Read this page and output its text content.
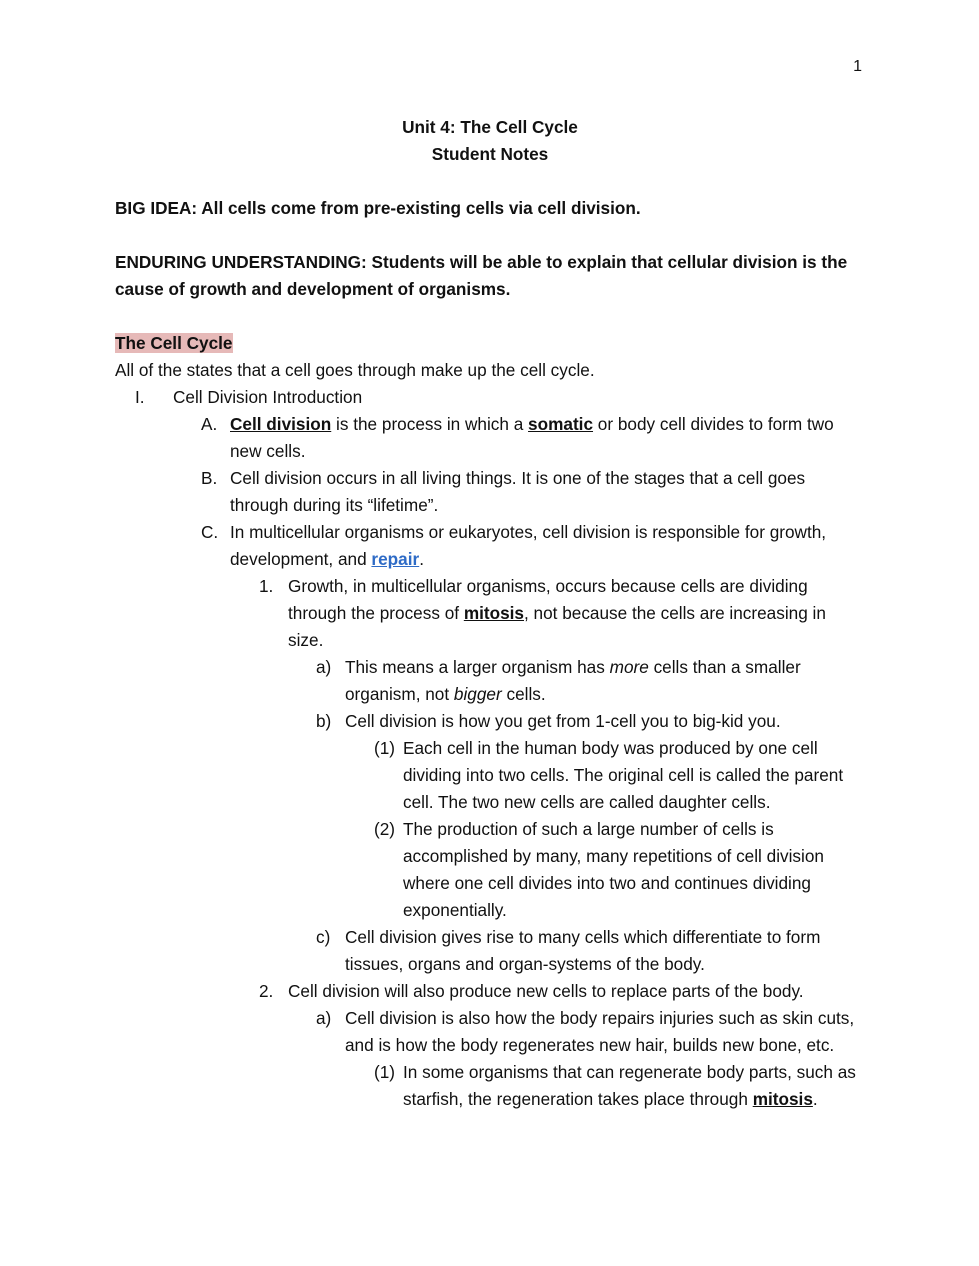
1
Unit 4: The Cell Cycle
Student Notes
BIG IDEA: All cells come from pre-existing cells via cell division.
ENDURING UNDERSTANDING: Students will be able to explain that cellular division is the cause of growth and development of organisms.
The Cell Cycle
All of the states that a cell goes through make up the cell cycle.
I. Cell Division Introduction
A. Cell division is the process in which a somatic or body cell divides to form two new cells.
B. Cell division occurs in all living things. It is one of the stages that a cell goes through during its “lifetime”.
C. In multicellular organisms or eukaryotes, cell division is responsible for growth, development, and repair.
1. Growth, in multicellular organisms, occurs because cells are dividing through the process of mitosis, not because the cells are increasing in size.
a) This means a larger organism has more cells than a smaller organism, not bigger cells.
b) Cell division is how you get from 1-cell you to big-kid you.
(1) Each cell in the human body was produced by one cell dividing into two cells. The original cell is called the parent cell. The two new cells are called daughter cells.
(2) The production of such a large number of cells is accomplished by many, many repetitions of cell division where one cell divides into two and continues dividing exponentially.
c) Cell division gives rise to many cells which differentiate to form tissues, organs and organ-systems of the body.
2. Cell division will also produce new cells to replace parts of the body.
a) Cell division is also how the body repairs injuries such as skin cuts, and is how the body regenerates new hair, builds new bone, etc.
(1) In some organisms that can regenerate body parts, such as starfish, the regeneration takes place through mitosis.
